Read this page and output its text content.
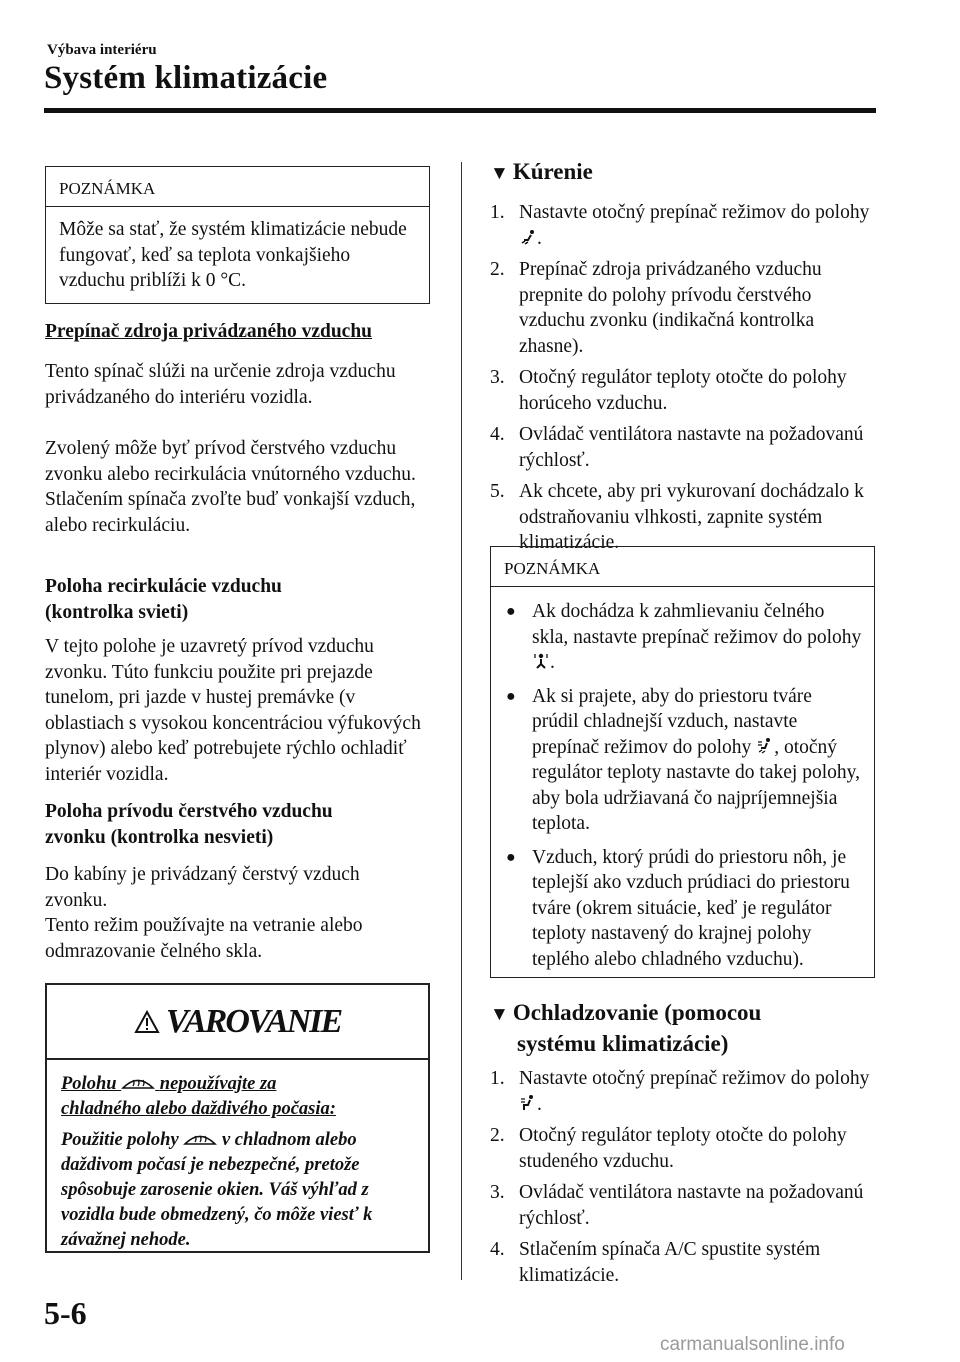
Výbava interiéru
Systém klimatizácie
POZNÁMKA
Môže sa stať, že systém klimatizácie nebude fungovať, keď sa teplota vonkajšieho vzduchu priblíži k 0 °C.
Prepínač zdroja privádzaného vzduchu
Tento spínač slúži na určenie zdroja vzduchu privádzaného do interiéru vozidla.
Zvolený môže byť prívod čerstvého vzduchu zvonku alebo recirkulácia vnútorného vzduchu. Stlačením spínača zvoľte buď vonkajší vzduch, alebo recirkuláciu.
Poloha recirkulácie vzduchu
(kontrolka svieti)
V tejto polohe je uzavretý prívod vzduchu zvonku. Túto funkciu použite pri prejazde tunelom, pri jazde v hustej premávke (v oblastiach s vysokou koncentráciou výfukových plynov) alebo keď potrebujete rýchlo ochladiť interiér vozidla.
Poloha prívodu čerstvého vzduchu
zvonku (kontrolka nesvieti)
Do kabíny je privádzaný čerstvý vzduch zvonku.
Tento režim používajte na vetranie alebo odmrazovanie čelného skla.
VAROVANIE
Polohu nepoužívajte za
chladného alebo daždivého počasia:
Použitie polohy v chladnom alebo daždivom počasí je nebezpečné, pretože spôsobuje zarosenie okien. Váš výhľad z vozidla bude obmedzený, čo môže viesť k závažnej nehode.
▼ Kúrenie
1. Nastavte otočný prepínač režimov do polohy .
2. Prepínač zdroja privádzaného vzduchu prepnite do polohy prívodu čerstvého vzduchu zvonku (indikačná kontrolka zhasne).
3. Otočný regulátor teploty otočte do polohy horúceho vzduchu.
4. Ovládač ventilátora nastavte na požadovanú rýchlosť.
5. Ak chcete, aby pri vykurovaní dochádzalo k odstraňovaniu vlhkosti, zapnite systém klimatizácie.
POZNÁMKA
● Ak dochádza k zahmlievaniu čelného skla, nastavte prepínač režimov do polohy .
● Ak si prajete, aby do priestoru tváre prúdil chladnejší vzduch, nastavte prepínač režimov do polohy , otočný regulátor teploty nastavte do takej polohy, aby bola udržiavaná čo najpríjemnejšia teplota.
● Vzduch, ktorý prúdi do priestoru nôh, je teplejší ako vzduch prúdiaci do priestoru tváre (okrem situácie, keď je regulátor teploty nastavený do krajnej polohy teplého alebo chladného vzduchu).
▼ Ochladzovanie (pomocou
systému klimatizácie)
1. Nastavte otočný prepínač režimov do polohy .
2. Otočný regulátor teploty otočte do polohy studeného vzduchu.
3. Ovládač ventilátora nastavte na požadovanú rýchlosť.
4. Stlačením spínača A/C spustite systém klimatizácie.
5-6
carmanualsonline.info
